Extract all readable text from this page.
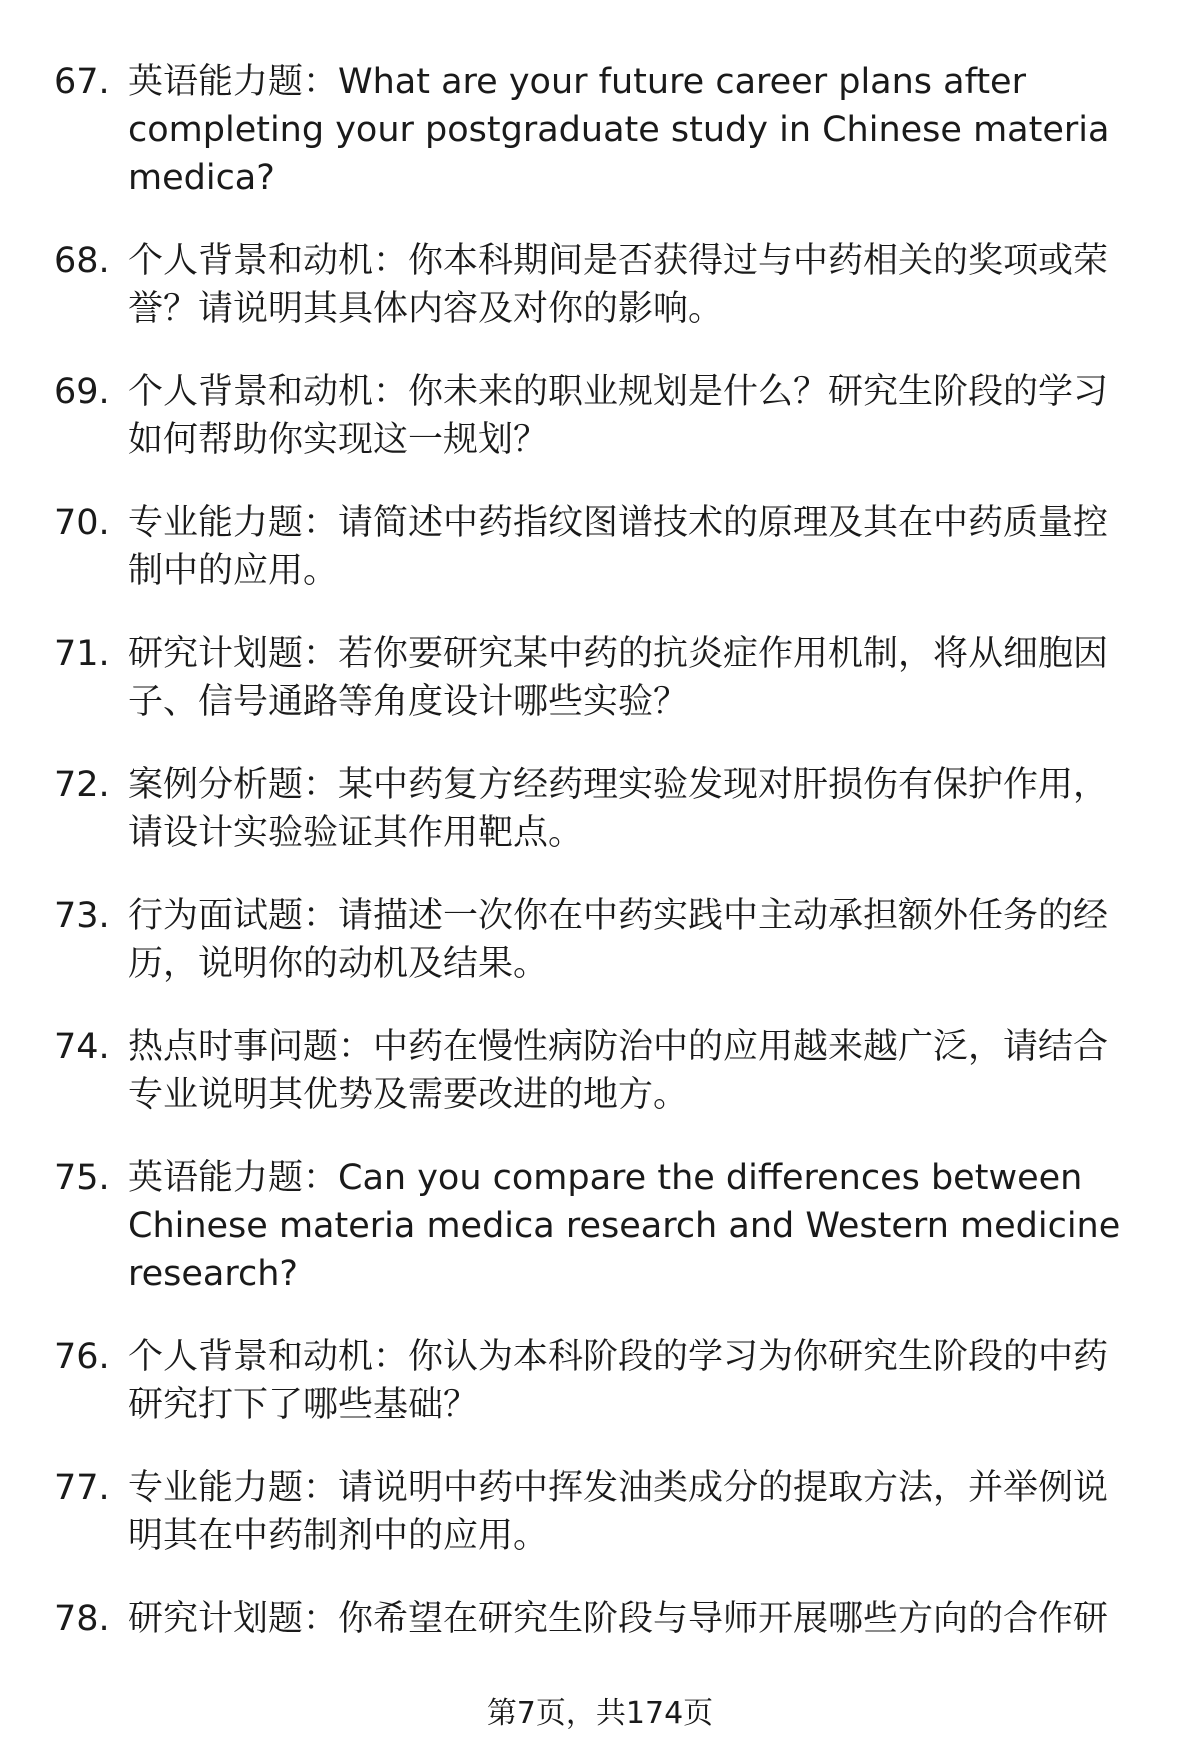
67. 英语能力题：What are your future career plans after completing your postgraduate study in Chinese materia medica?
68. 个人背景和动机：你本科期间是否获得过与中药相关的奖项或荣誉？请说明其具体内容及对你的影响。
69. 个人背景和动机：你未来的职业规划是什么？研究生阶段的学习如何帮助你实现这一规划？
70. 专业能力题：请简述中药指纹图谱技术的原理及其在中药质量控制中的应用。
71. 研究计划题：若你要研究某中药的抗炎症作用机制，将从细胞因子、信号通路等角度设计哪些实验？
72. 案例分析题：某中药复方经药理实验发现对肝损伤有保护作用，请设计实验验证其作用靶点。
73. 行为面试题：请描述一次你在中药实践中主动承担额外任务的经历，说明你的动机及结果。
74. 热点时事问题：中药在慢性病防治中的应用越来越广泛，请结合专业说明其优势及需要改进的地方。
75. 英语能力题：Can you compare the differences between Chinese materia medica research and Western medicine research?
76. 个人背景和动机：你认为本科阶段的学习为你研究生阶段的中药研究打下了哪些基础？
77. 专业能力题：请说明中药中挥发油类成分的提取方法，并举例说明其在中药制剂中的应用。
78. 研究计划题：你希望在研究生阶段与导师开展哪些方向的合作研
第7页，共174页
